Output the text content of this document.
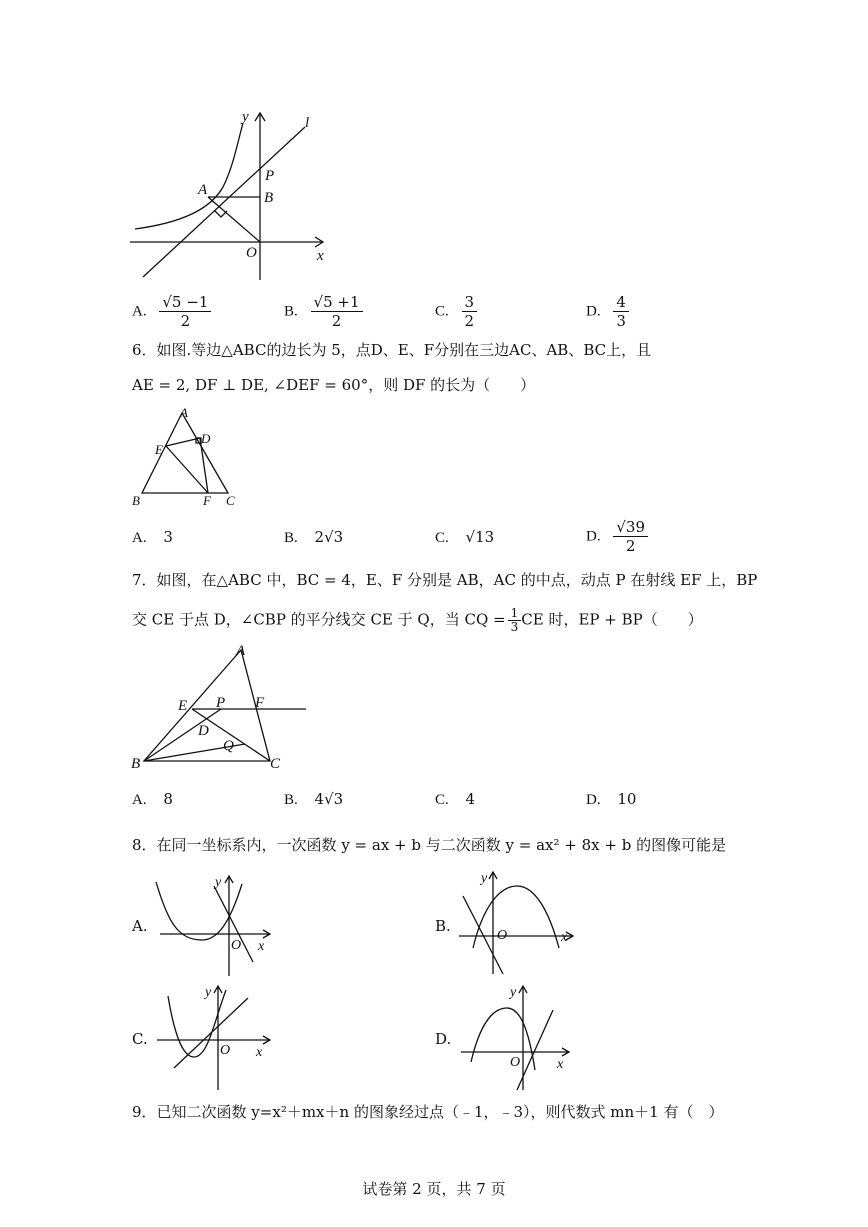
y	l
P
A	B
O	x
A. $\frac{√5 -1}{2}$	B. $\frac{√5 +1}{2}$	C. $\frac{3}{2}$	D. $\frac{4}{3}$
6．如图.等边△ABC的边长为 5，点D、E、F分别在三边AC、AB、BC上，且
AE = 2, DF ⊥ DE, ∠DEF = 60°，则 DF 的长为（　　）
A
D
E
B	F C
A. 3	B. 2√3	C. √13	D. $\frac{√39}{2}$
7．如图，在△ABC 中，BC = 4，E、F 分别是 AB，AC 的中点，动点 P 在射线 EF 上，BP
交 CE 于点 D，∠CBP 的平分线交 CE 于 Q，当 CQ = $\frac{1}{3}$ CE 时，EP + BP（　　）
A
E P F
D
Q
B	C
A. 8	B. 4√3	C. 4	D. 10
8．在同一坐标系内，一次函数 y = ax + b 与二次函数 y = ax² + 8x + b 的图像可能是
A.
y
x
O
B.
y
x
O
C.
y
x
O
D.
y
x
O
9．已知二次函数 y=x²＋mx＋n 的图象经过点（﹣1，﹣3），则代数式 mn＋1 有（　）
试卷第 2 页，共 7 页
